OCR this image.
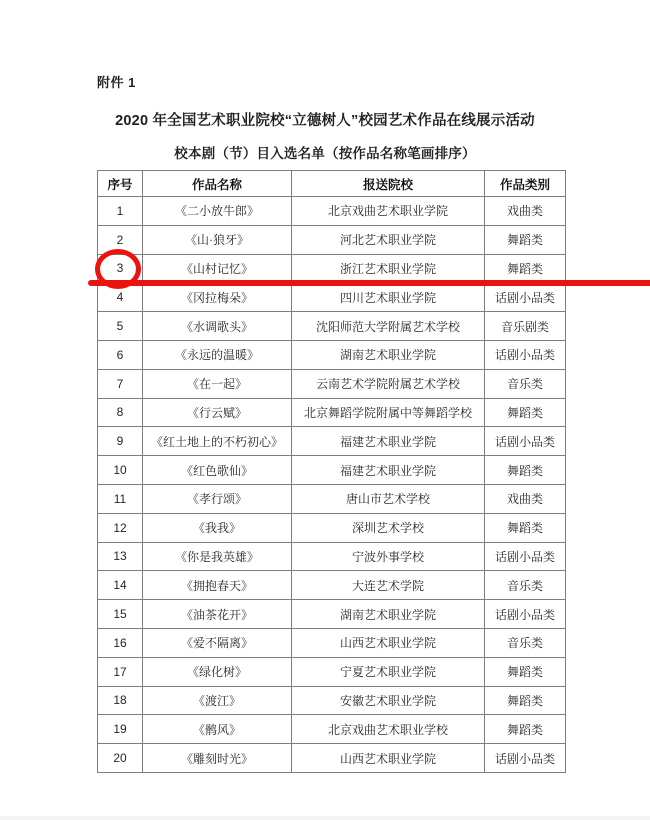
附件 1
2020 年全国艺术职业院校“立德树人”校园艺术作品在线展示活动
校本剧（节）目入选名单（按作品名称笔画排序）
序号	作品名称	报送院校	作品类别
1	《二小放牛郎》	北京戏曲艺术职业学院	戏曲类
2	《山·狼牙》	河北艺术职业学院	舞蹈类
3	《山村记忆》	浙江艺术职业学院	舞蹈类
4	《冈拉梅朵》	四川艺术职业学院	话剧小品类
5	《水调歌头》	沈阳师范大学附属艺术学校	音乐剧类
6	《永远的温暖》	湖南艺术职业学院	话剧小品类
7	《在一起》	云南艺术学院附属艺术学校	音乐类
8	《行云赋》	北京舞蹈学院附属中等舞蹈学校	舞蹈类
9	《红土地上的不朽初心》	福建艺术职业学院	话剧小品类
10	《红色歌仙》	福建艺术职业学院	舞蹈类
11	《孝行颂》	唐山市艺术学校	戏曲类
12	《我我》	深圳艺术学校	舞蹈类
13	《你是我英雄》	宁波外事学校	话剧小品类
14	《拥抱春天》	大连艺术学院	音乐类
15	《油茶花开》	湖南艺术职业学院	话剧小品类
16	《爱不隔离》	山西艺术职业学院	音乐类
17	《绿化树》	宁夏艺术职业学院	舞蹈类
18	《渡江》	安徽艺术职业学院	舞蹈类
19	《鹘风》	北京戏曲艺术职业学校	舞蹈类
20	《雕刻时光》	山西艺术职业学院	话剧小品类
